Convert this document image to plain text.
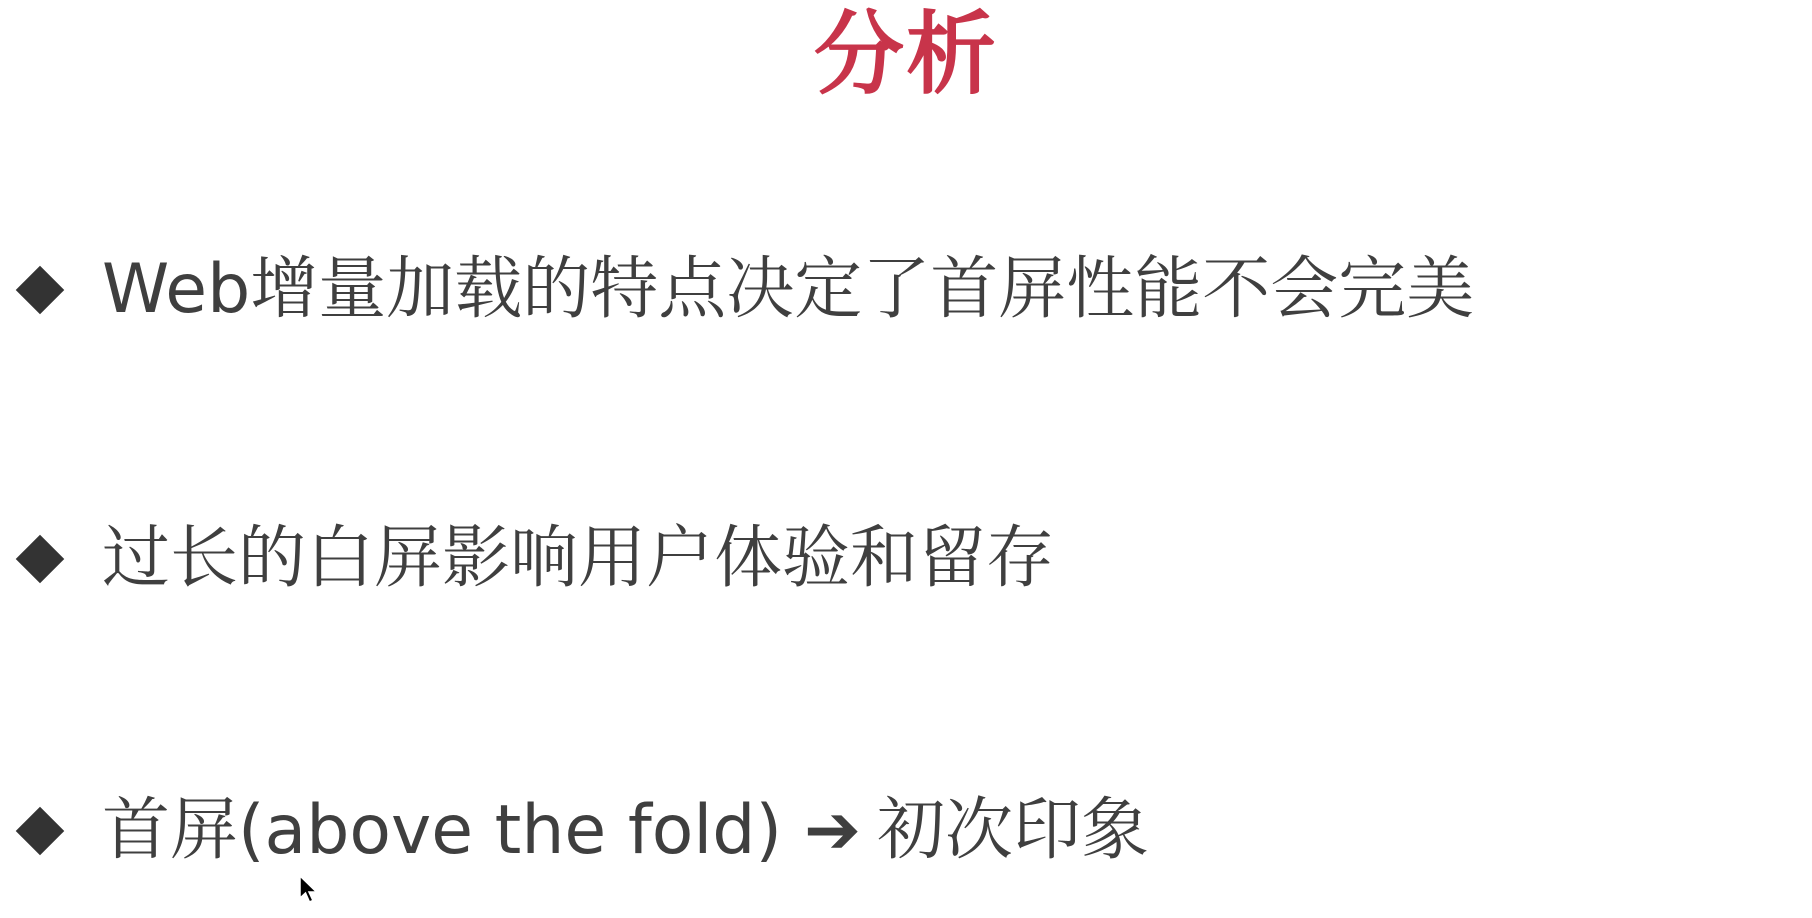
分析
Web增量加载的特点决定了首屏性能不会完美
过长的白屏影响用户体验和留存
首屏(above the fold) ➔ 初次印象
